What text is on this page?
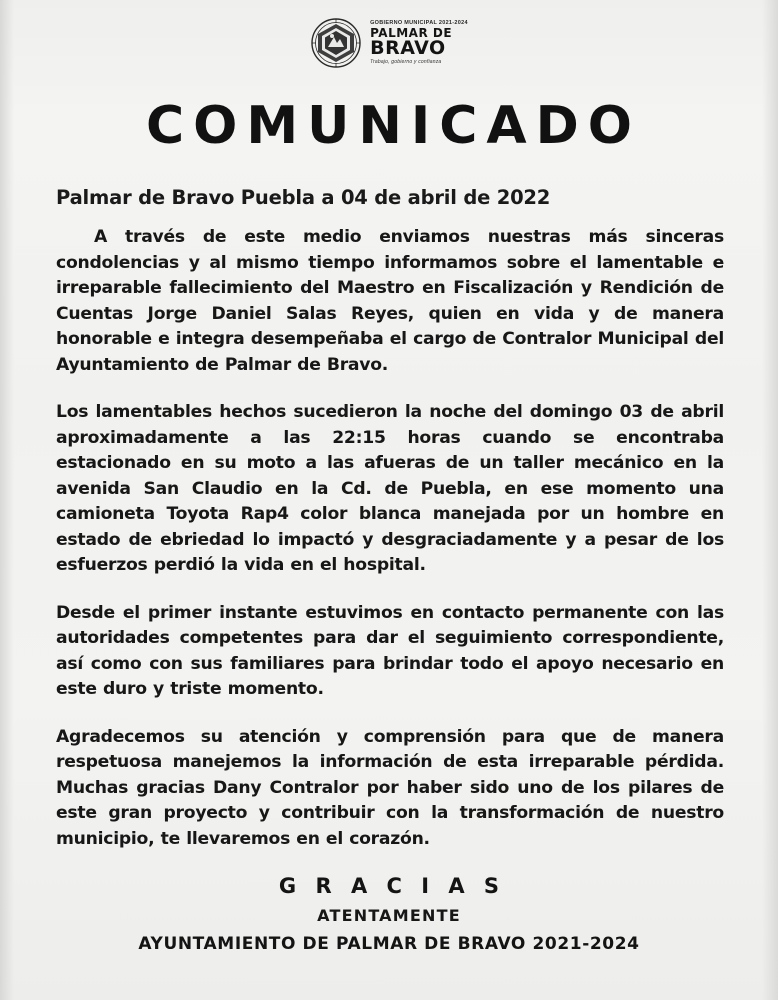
GOBIERNO MUNICIPAL 2021-2024
PALMAR DE
BRAVO
Trabajo, gobierno y confianza
COMUNICADO
Palmar de Bravo Puebla a 04 de abril de 2022

A través de este medio enviamos nuestras más sinceras condolencias y al mismo tiempo informamos sobre el lamentable e irreparable fallecimiento del Maestro en Fiscalización y Rendición de Cuentas Jorge Daniel Salas Reyes, quien en vida y de manera honorable e integra desempeñaba el cargo de Contralor Municipal del Ayuntamiento de Palmar de Bravo.

Los lamentables hechos sucedieron la noche del domingo 03 de abril aproximadamente a las 22:15 horas cuando se encontraba estacionado en su moto a las afueras de un taller mecánico en la avenida San Claudio en la Cd. de Puebla, en ese momento una camioneta Toyota Rap4 color blanca manejada por un hombre en estado de ebriedad lo impactó y desgraciadamente y a pesar de los esfuerzos perdió la vida en el hospital.

Desde el primer instante estuvimos en contacto permanente con las autoridades competentes para dar el seguimiento correspondiente, así como con sus familiares para brindar todo el apoyo necesario en este duro y triste momento.

Agradecemos su atención y comprensión para que de manera respetuosa manejemos la información de esta irreparable pérdida. Muchas gracias Dany Contralor por haber sido uno de los pilares de este gran proyecto y contribuir con la transformación de nuestro municipio, te llevaremos en el corazón.

G R A C I A S
ATENTAMENTE
AYUNTAMIENTO DE PALMAR DE BRAVO 2021-2024
